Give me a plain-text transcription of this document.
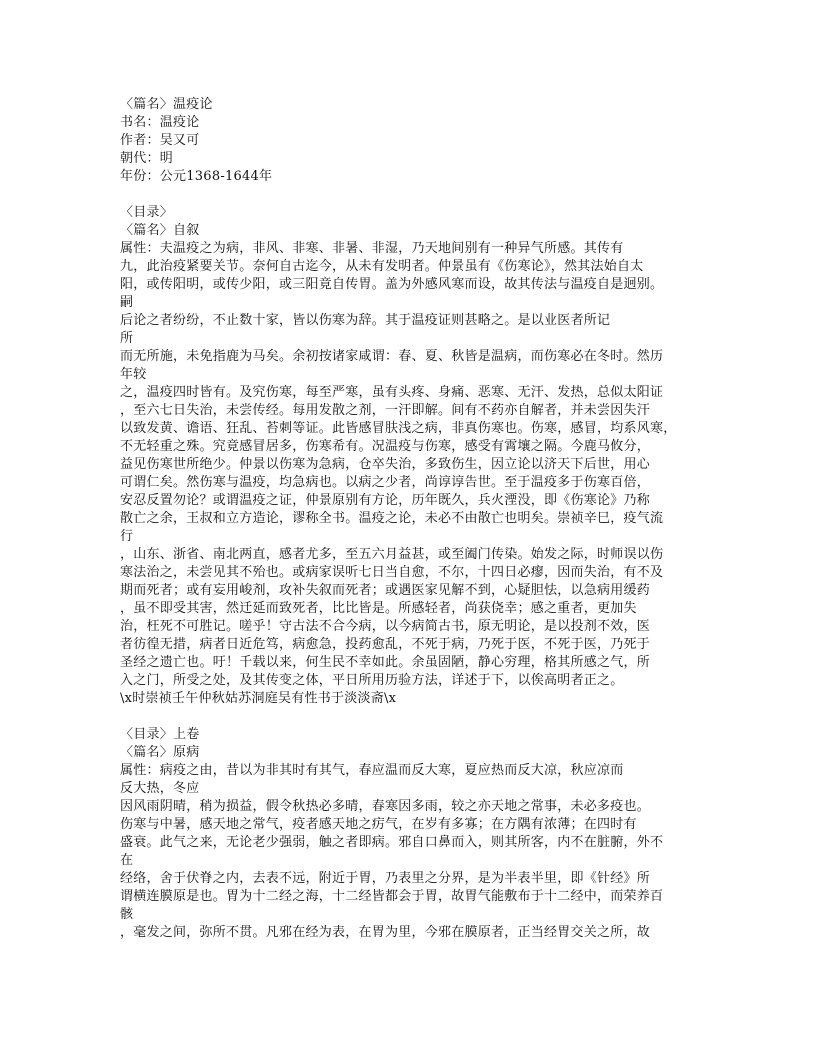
〈篇名〉温疫论
书名：温疫论
作者：吴又可
朝代：明
年份：公元1368-1644年
〈目录〉
〈篇名〉自叙
属性：夫温疫之为病，非风、非寒、非暑、非湿，乃天地间别有一种异气所感。其传有
九，此治疫紧要关节。奈何自古迄今，从未有发明者。仲景虽有《伤寒论》，然其法始自太
阳，或传阳明，或传少阳，或三阳竟自传胃。盖为外感风寒而设，故其传法与温疫自是迥别。
嗣
后论之者纷纷，不止数十家，皆以伤寒为辞。其于温疫证则甚略之。是以业医者所记
所
而无所施，未免指鹿为马矣。余初按诸家咸谓：春、夏、秋皆是温病，而伤寒必在冬时。然历
年较
之，温疫四时皆有。及究伤寒，每至严寒，虽有头疼、身痛、恶寒、无汗、发热，总似太阳证
，至六七日失治，未尝传经。每用发散之剂，一汗即解。间有不药亦自解者，并未尝因失汗
以致发黄、谵语、狂乱、苔刺等证。此皆感冒肤浅之病，非真伤寒也。伤寒，感冒，均系风寒，
不无轻重之殊。究竟感冒居多，伤寒希有。况温疫与伤寒，感受有霄壤之隔。今鹿马攸分，
益见伤寒世所绝少。仲景以伤寒为急病，仓卒失治，多致伤生，因立论以济天下后世，用心
可谓仁矣。然伤寒与温疫，均急病也。以病之少者，尚谆谆告世。至于温疫多于伤寒百倍，
安忍反置勿论？或谓温疫之证，仲景原别有方论，历年既久，兵火湮没，即《伤寒论》乃称
散亡之余，王叔和立方造论，谬称全书。温疫之论，未必不由散亡也明矣。崇祯辛巳，疫气流
行
，山东、浙省、南北两直，感者尤多，至五六月益甚，或至阖门传染。始发之际，时师误以伤
寒法治之，未尝见其不殆也。或病家误听七日当自愈，不尔，十四日必瘳，因而失治，有不及
期而死者；或有妄用峻剂，攻补失叙而死者；或遇医家见解不到，心疑胆怯，以急病用缓药
，虽不即受其害，然迁延而致死者，比比皆是。所感轻者，尚获侥幸；感之重者，更加失
治，枉死不可胜记。嗟乎！守古法不合今病，以今病简古书，原无明论，是以投剂不效，医
者彷徨无措，病者日近危笃，病愈急，投药愈乱，不死于病，乃死于医，不死于医，乃死于
圣经之遗亡也。吁！千载以来，何生民不幸如此。余虽固陋，静心穷理，格其所感之气，所
入之门，所受之处，及其传变之体，平日所用历验方法，详述于下，以俟高明者正之。
\x时崇祯壬午仲秋姑苏洞庭吴有性书于淡淡斋\x
〈目录〉上卷
〈篇名〉原病
属性：病疫之由，昔以为非其时有其气，春应温而反大寒，夏应热而反大凉，秋应凉而
反大热，冬应
因风雨阴晴，稍为损益，假令秋热必多晴，春寒因多雨，较之亦天地之常事，未必多疫也。
伤寒与中暑，感天地之常气，疫者感天地之疠气，在岁有多寡；在方隅有浓薄；在四时有
盛衰。此气之来，无论老少强弱，触之者即病。邪自口鼻而入，则其所客，内不在脏腑，外不
在
经络，舍于伏脊之内，去表不远，附近于胃，乃表里之分界，是为半表半里，即《针经》所
谓横连膜原是也。胃为十二经之海，十二经皆都会于胃，故胃气能敷布于十二经中，而荣养百
骸
，毫发之间，弥所不贯。凡邪在经为表，在胃为里，今邪在膜原者，正当经胃交关之所，故
